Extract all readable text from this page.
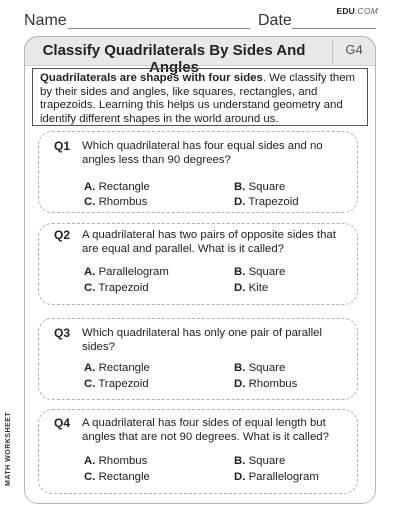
Name	Date
EDU.COM
Classify Quadrilaterals By Sides And Angles
G4
Quadrilaterals are shapes with four sides. We classify them by their sides and angles, like squares, rectangles, and trapezoids. Learning this helps us understand geometry and identify different shapes in the world around us.
Q1 Which quadrilateral has four equal sides and no angles less than 90 degrees?
A. Rectangle	B. Square
C. Rhombus	D. Trapezoid
Q2 A quadrilateral has two pairs of opposite sides that are equal and parallel. What is it called?
A. Parallelogram	B. Square
C. Trapezoid	D. Kite
Q3 Which quadrilateral has only one pair of parallel sides?
A. Rectangle	B. Square
C. Trapezoid	D. Rhombus
Q4 A quadrilateral has four sides of equal length but angles that are not 90 degrees. What is it called?
A. Rhombus	B. Square
C. Rectangle	D. Parallelogram
MATH WORKSHEET
